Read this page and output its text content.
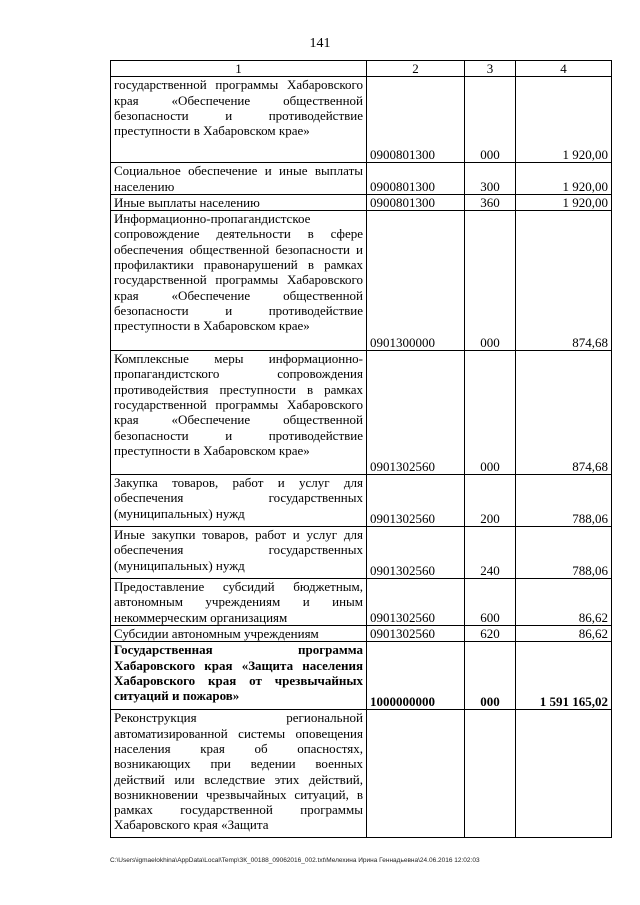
141
1	2	3	4
государственной программы Хабаровского края «Обеспечение общественной безопасности и противодействие преступности в Хабаровском крае»	0900801300	000	1 920,00
Социальное обеспечение и иные выплаты населению	0900801300	300	1 920,00
Иные выплаты населению	0900801300	360	1 920,00
Информационно-пропагандистское сопровождение деятельности в сфере обеспечения общественной безопасности и профилактики правонарушений в рамках государственной программы Хабаровского края «Обеспечение общественной безопасности и противодействие преступности в Хабаровском крае»	0901300000	000	874,68
Комплексные меры информационно-пропагандистского сопровождения противодействия преступности в рамках государственной программы Хабаровского края «Обеспечение общественной безопасности и противодействие преступности в Хабаровском крае»	0901302560	000	874,68
Закупка товаров, работ и услуг для обеспечения государственных (муниципальных) нужд	0901302560	200	788,06
Иные закупки товаров, работ и услуг для обеспечения государственных (муниципальных) нужд	0901302560	240	788,06
Предоставление субсидий бюджетным, автономным учреждениям и иным некоммерческим организациям	0901302560	600	86,62
Субсидии автономным учреждениям	0901302560	620	86,62
Государственная программа Хабаровского края «Защита населения Хабаровского края от чрезвычайных ситуаций и пожаров»	1000000000	000	1 591 165,02
Реконструкция региональной автоматизированной системы оповещения населения края об опасностях, возникающих при ведении военных действий или вследствие этих действий, возникновении чрезвычайных ситуаций, в рамках государственной программы Хабаровского края «Защита			
C:\Users\igmaelokhina\AppData\Local\Temp\ЗК_00188_09062016_002.txt\Мелехина Ирина Геннадьевна\24.06.2016 12:02:03
